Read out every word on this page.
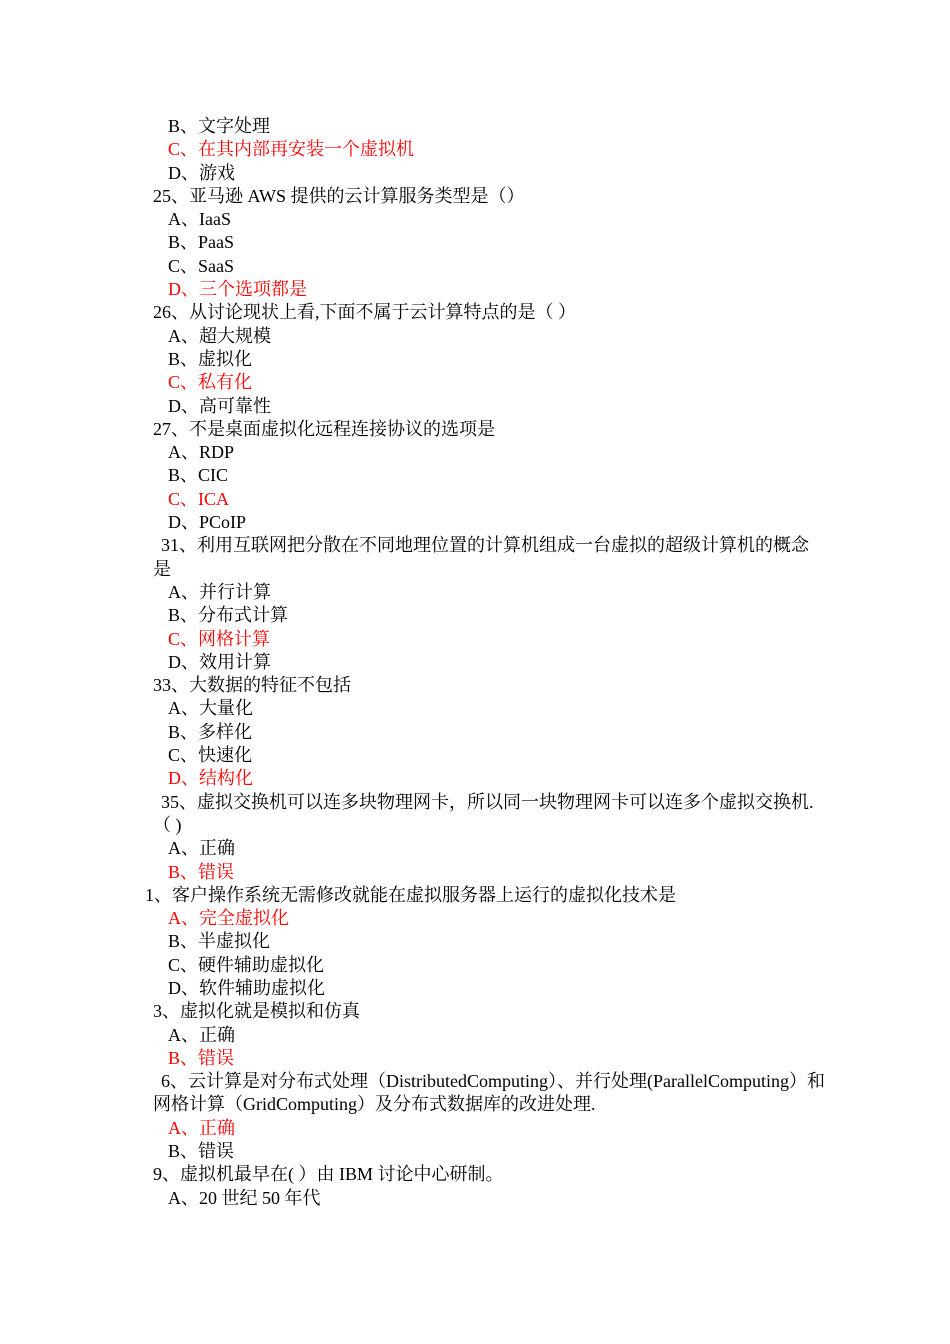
B、文字处理
C、在其内部再安装一个虚拟机
D、游戏
25、亚马逊 AWS 提供的云计算服务类型是（）
A、IaaS
B、PaaS
C、SaaS
D、三个选项都是
26、从讨论现状上看,下面不属于云计算特点的是（ ）
A、超大规模
B、虚拟化
C、私有化
D、高可靠性
27、不是桌面虚拟化远程连接协议的选项是
A、RDP
B、CIC
C、ICA
D、PCoIP
31、利用互联网把分散在不同地理位置的计算机组成一台虚拟的超级计算机的概念是
A、并行计算
B、分布式计算
C、网格计算
D、效用计算
33、大数据的特征不包括
A、大量化
B、多样化
C、快速化
D、结构化
35、虚拟交换机可以连多块物理网卡，所以同一块物理网卡可以连多个虚拟交换机.（ )
A、正确
B、错误
1、客户操作系统无需修改就能在虚拟服务器上运行的虚拟化技术是
A、完全虚拟化
B、半虚拟化
C、硬件辅助虚拟化
D、软件辅助虚拟化
3、虚拟化就是模拟和仿真
A、正确
B、错误
6、云计算是对分布式处理（DistributedComputing）、并行处理(ParallelComputing）和网格计算（GridComputing）及分布式数据库的改进处理.
A、正确
B、错误
9、虚拟机最早在( ）由 IBM 讨论中心研制。
A、20 世纪 50 年代
